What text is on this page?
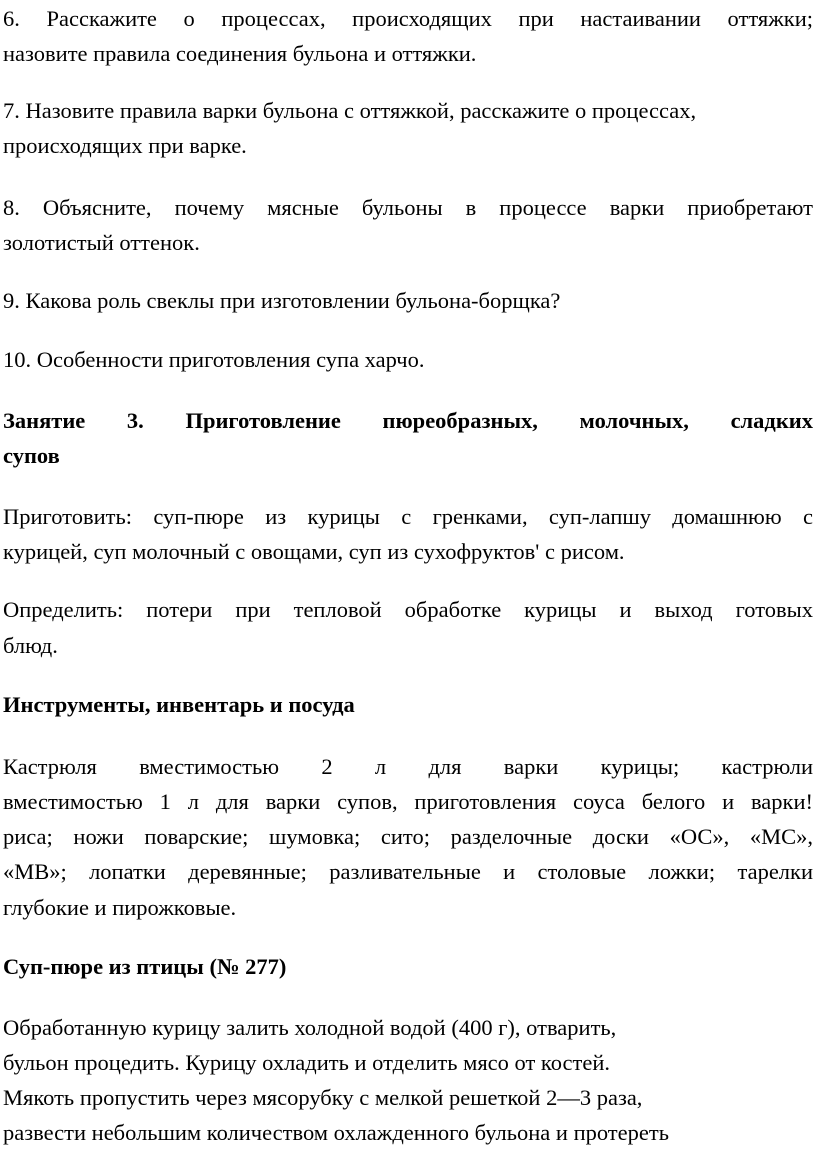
6. Расскажите о процессах, происходящих при настаивании оттяжки;
назовите правила соединения бульона и оттяжки.
7. Назовите правила варки бульона с оттяжкой, расскажите о процессах,
происходящих при варке.
8. Объясните, почему мясные бульоны в процессе варки приобретают
золотистый оттенок.
9. Какова роль свеклы при изготовлении бульона-борщка?
10. Особенности приготовления супа харчо.
Занятие 3. Приготовление пюреобразных, молочных, сладких
супов
Приготовить: суп-пюре из курицы с гренками, суп-лапшу домашнюю с
курицей, суп молочный с овощами, суп из сухофруктов' с рисом.
Определить: потери при тепловой обработке курицы и выход готовых
блюд.
Инструменты, инвентарь и посуда
Кастрюля вместимостью 2 л для варки курицы; кастрюли
вместимостью 1 л для варки супов, приготовления соуса белого и варки!
риса; ножи поварские; шумовка; сито; разделочные доски «ОС», «МС»,
«МВ»; лопатки деревянные; разливательные и столовые ложки; тарелки
глубокие и пирожковые.
Суп-пюре из птицы (№ 277)
Обработанную курицу залить холодной водой (400 г), отварить,
бульон процедить. Курицу охладить и отделить мясо от костей.
Мякоть пропустить через мясорубку с мелкой решеткой 2—3 раза,
развести небольшим количеством охлажденного бульона и протереть
